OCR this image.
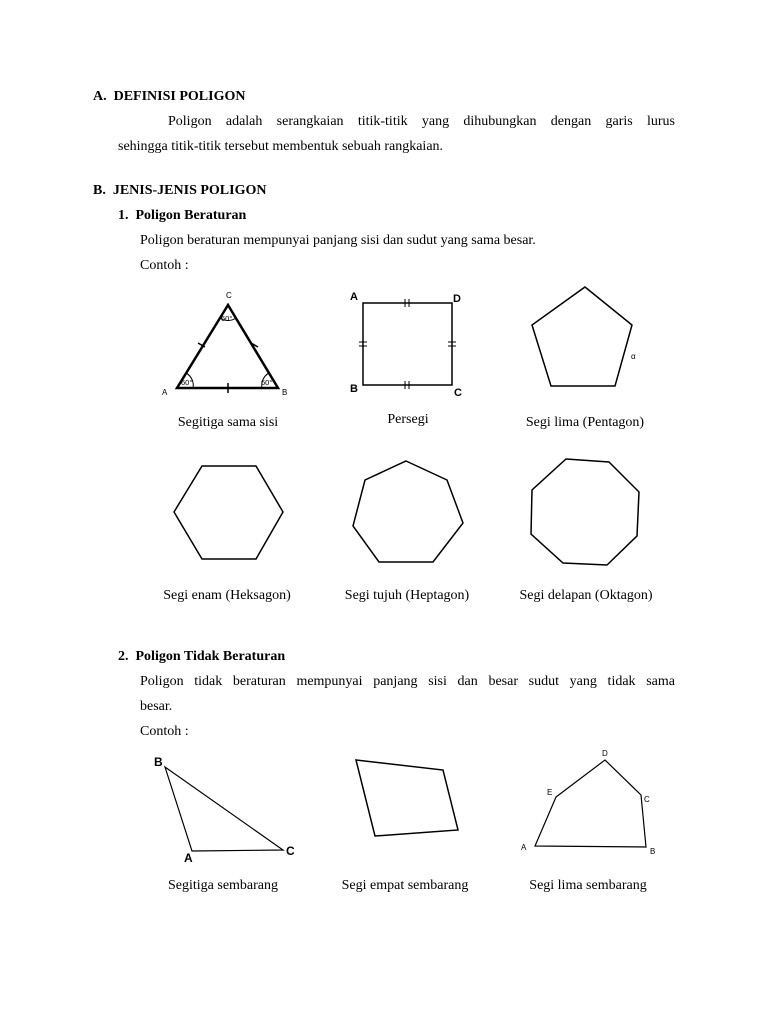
A.  DEFINISI POLIGON
Poligon adalah serangkaian titik-titik yang dihubungkan dengan garis lurus
sehingga titik-titik tersebut membentuk sebuah rangkaian.
B.  JENIS-JENIS POLIGON
1.  Poligon Beraturan
Poligon beraturan mempunyai panjang sisi dan sudut yang sama besar.
Contoh :
C
A	B
60°
60°	60°
A	D
B	C
α
Segitiga sama sisi	Persegi	Segi lima (Pentagon)
Segi enam (Heksagon)	Segi tujuh (Heptagon)	Segi delapan (Oktagon)
2.  Poligon Tidak Beraturan
Poligon tidak beraturan mempunyai panjang sisi dan besar sudut yang tidak sama
besar.
Contoh :
B
A	C
D
E
C
A	B
Segitiga sembarang	Segi empat sembarang	Segi lima sembarang
